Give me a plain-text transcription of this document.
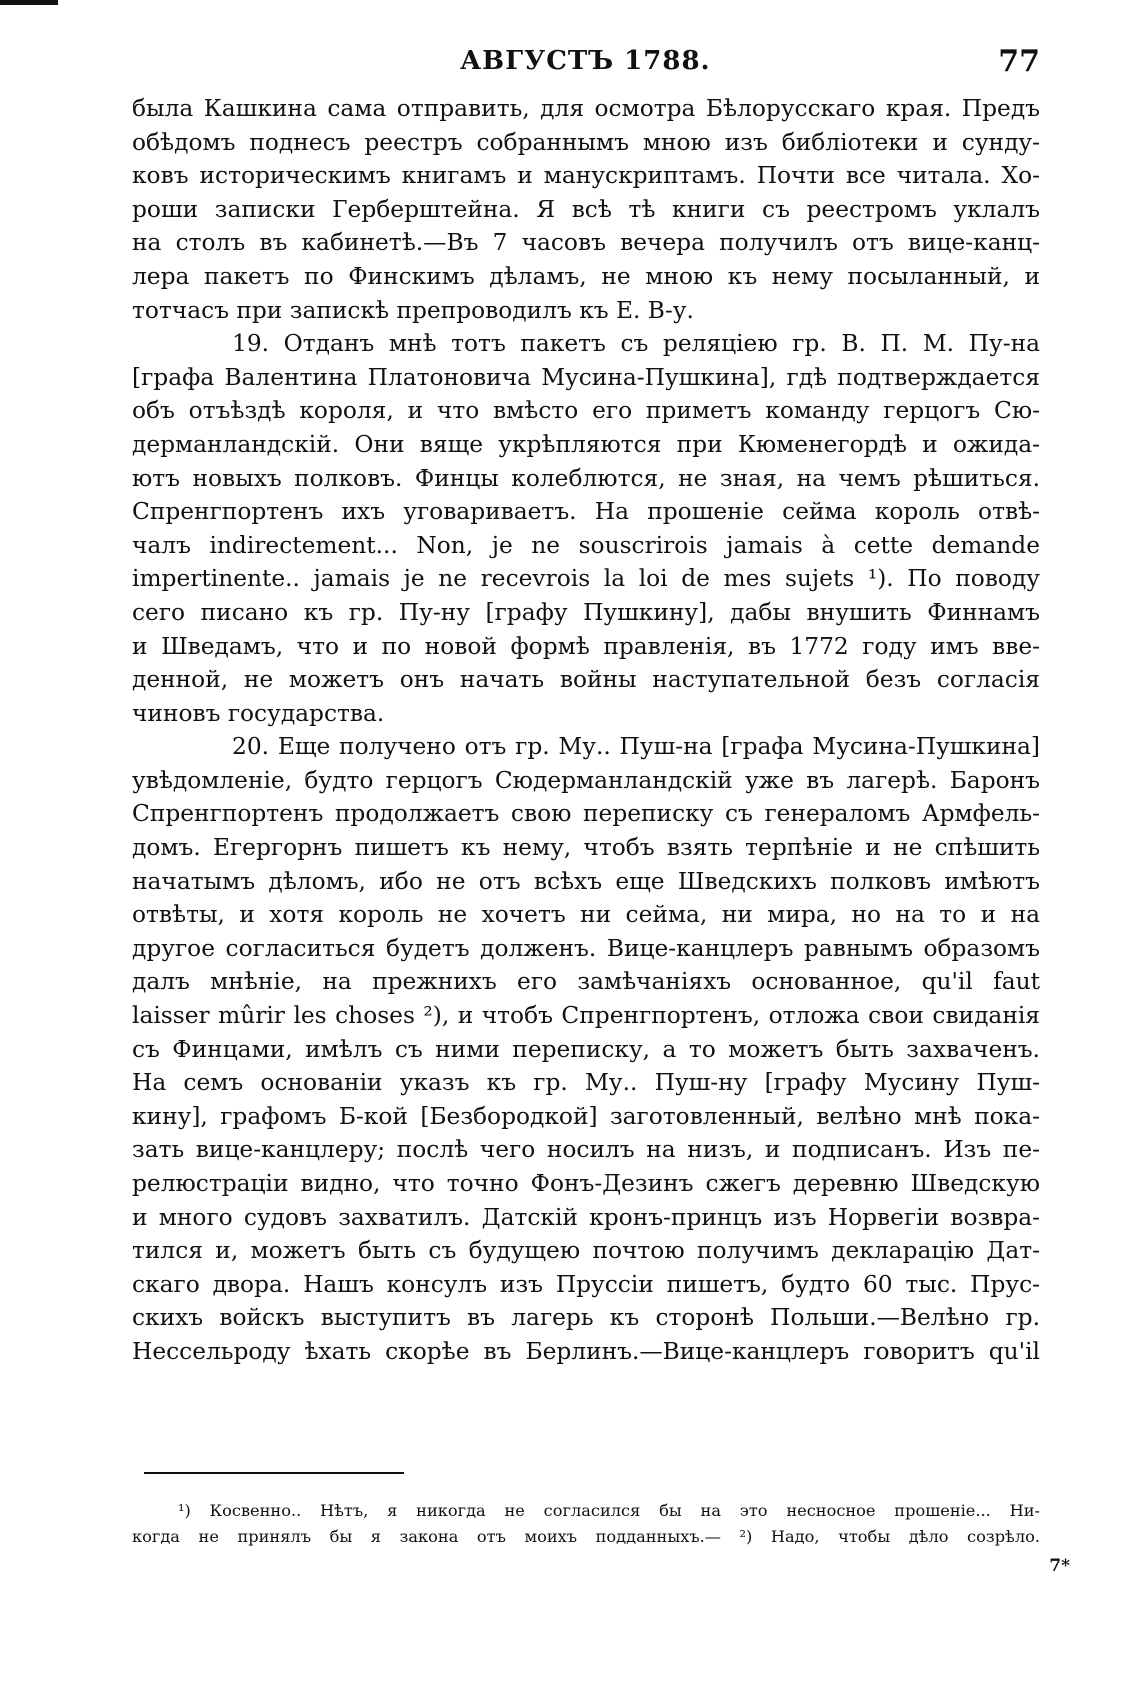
АВГУСТЪ 1788.	77
была Кашкина сама отправить, для осмотра Бѣлорусскаго края. Предъ
обѣдомъ поднесъ реестръ собраннымъ мною изъ библіотеки и сунду-
ковъ историческимъ книгамъ и манускриптамъ. Почти все читала. Хо-
роши записки Герберштейна. Я всѣ тѣ книги съ реестромъ уклалъ
на столъ въ кабинетѣ.—Въ 7 часовъ вечера получилъ отъ вице-канц-
лера пакетъ по Финскимъ дѣламъ, не мною къ нему посыланный, и
тотчасъ при запискѣ препроводилъ къ Е. В-у.
19. Отданъ мнѣ тотъ пакетъ съ реляціею гр. В. П. М. Пу-на
[графа Валентина Платоновича Мусина-Пушкина], гдѣ подтверждается
объ отъѣздѣ короля, и что вмѣсто его приметъ команду герцогъ Сю-
дерманландскій. Они вяще укрѣпляются при Кюменегордѣ и ожида-
ютъ новыхъ полковъ. Финцы колеблются, не зная, на чемъ рѣшиться.
Спренгпортенъ ихъ уговариваетъ. На прошеніе сейма король отвѣ-
чалъ indirectement... Non, je ne souscrirois jamais à cette demande
impertinente.. jamais je ne recevrois la loi de mes sujets ¹). По поводу
сего писано къ гр. Пу-ну [графу Пушкину], дабы внушить Финнамъ
и Шведамъ, что и по новой формѣ правленія, въ 1772 году имъ вве-
денной, не можетъ онъ начать войны наступательной безъ согласія
чиновъ государства.
20. Еще получено отъ гр. Му.. Пуш-на [графа Мусина-Пушкина]
увѣдомленіе, будто герцогъ Сюдерманландскій уже въ лагерѣ. Баронъ
Спренгпортенъ продолжаетъ свою переписку съ генераломъ Армфель-
домъ. Егергорнъ пишетъ къ нему, чтобъ взять терпѣніе и не спѣшить
начатымъ дѣломъ, ибо не отъ всѣхъ еще Шведскихъ полковъ имѣютъ
отвѣты, и хотя король не хочетъ ни сейма, ни мира, но на то и на
другое согласиться будетъ долженъ. Вице-канцлеръ равнымъ образомъ
далъ мнѣніе, на прежнихъ его замѣчаніяхъ основанное, qu'il faut
laisser mûrir les choses ²), и чтобъ Спренгпортенъ, отложа свои свиданія
съ Финцами, имѣлъ съ ними переписку, а то можетъ быть захваченъ.
На семъ основаніи указъ къ гр. Му.. Пуш-ну [графу Мусину Пуш-
кину], графомъ Б-кой [Безбородкой] заготовленный, велѣно мнѣ пока-
зать вице-канцлеру; послѣ чего носилъ на низъ, и подписанъ. Изъ пе-
релюстраціи видно, что точно Фонъ-Дезинъ сжегъ деревню Шведскую
и много судовъ захватилъ. Датскій кронъ-принцъ изъ Норвегіи возвра-
тился и, можетъ быть съ будущею почтою получимъ декларацію Дат-
скаго двора. Нашъ консулъ изъ Пруссіи пишетъ, будто 60 тыс. Прус-
скихъ войскъ выступитъ въ лагерь къ сторонѣ Польши.—Велѣно гр.
Нессельроду ѣхать скорѣе въ Берлинъ.—Вице-канцлеръ говоритъ qu'il
¹) Косвенно.. Нѣтъ, я никогда не согласился бы на это несносное прошеніе... Ни-
когда не принялъ бы я закона отъ моихъ подданныхъ.— ²) Надо, чтобы дѣло созрѣло.
7*
